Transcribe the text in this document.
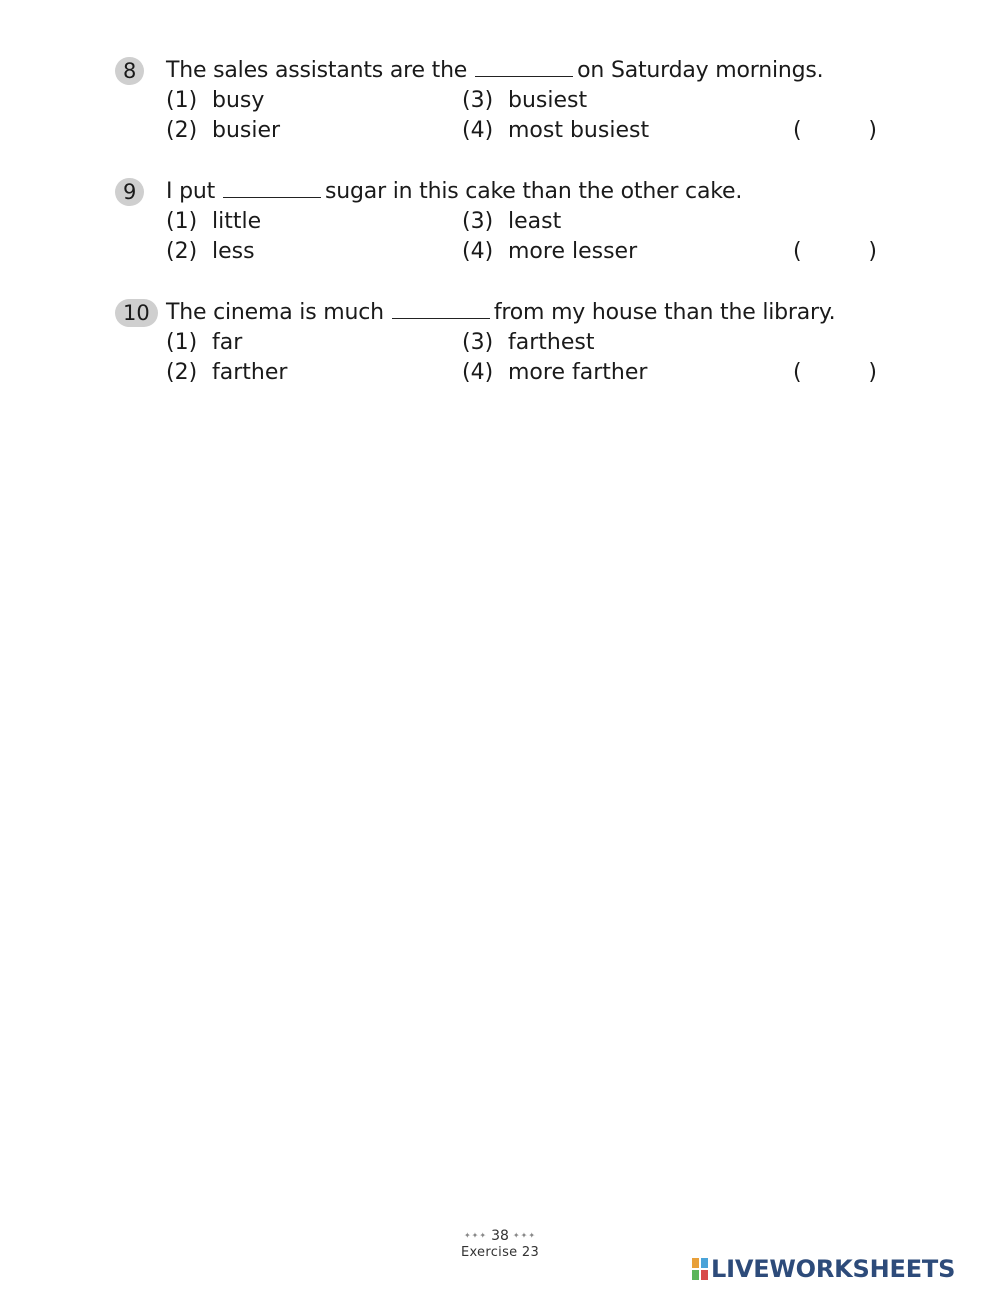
8	The sales assistants are the	on Saturday mornings.
(1) busy
(2) busier
(3) busiest
(4) most busiest	(	)
9	I put	sugar in this cake than the other cake.
(1) little
(2) less
(3) least
(4) more lesser	(	)
10 The cinema is much	from my house than the library.
(1) far
(2) farther
(3) farthest
(4) more farther	(	)
✦✦✦ 38 ✦✦✦
Exercise 23
LIVEWORKSHEETS
